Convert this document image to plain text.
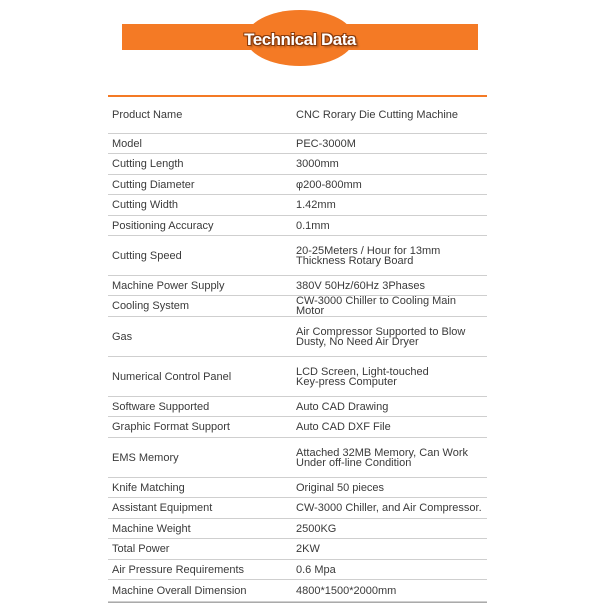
Technical Data
Product Name	CNC Rorary Die Cutting Machine
Model	PEC-3000M
Cutting Length	3000mm
Cutting Diameter	φ200-800mm
Cutting Width	1.42mm
Positioning Accuracy	0.1mm
Cutting Speed	20-25Meters / Hour for 13mm
Thickness Rotary Board
Machine Power Supply	380V 50Hz/60Hz 3Phases
Cooling System	CW-3000 Chiller to Cooling Main Motor
Gas	Air Compressor Supported to Blow
Dusty, No Need Air Dryer
Numerical Control Panel	LCD Screen, Light-touched
Key-press Computer
Software Supported	Auto CAD Drawing
Graphic Format Support	Auto CAD DXF File
EMS Memory	Attached 32MB Memory, Can Work
Under off-line Condition
Knife Matching	Original 50 pieces
Assistant Equipment	CW-3000 Chiller, and Air Compressor.
Machine Weight	2500KG
Total Power	2KW
Air Pressure Requirements	0.6 Mpa
Machine Overall Dimension	4800*1500*2000mm
